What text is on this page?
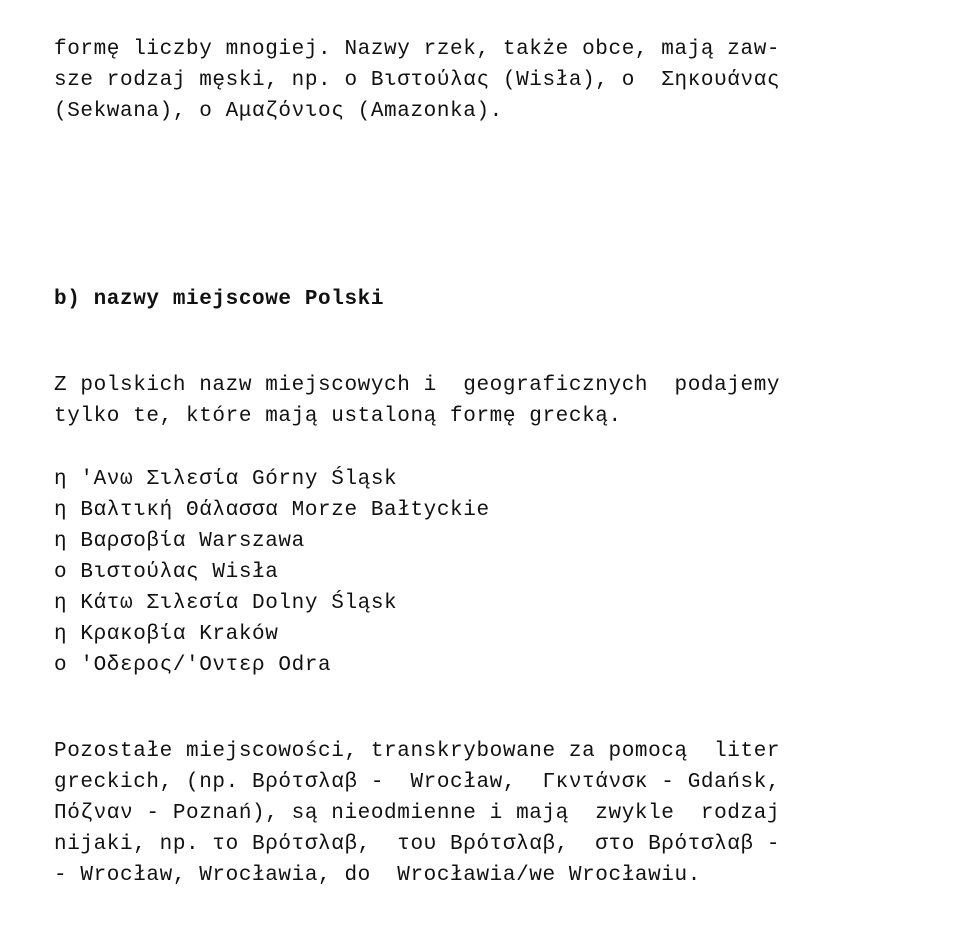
formę liczby mnogiej. Nazwy rzek, także obce, mają zaw-

sze rodzaj męski, np. ο Βιστούλας (Wisła), ο  Σηκουάνας

(Sekwana), ο Αμαζόνιος (Amazonka).

b) nazwy miejscowe Polski

Z polskich nazw miejscowych i  geograficznych  podajemy

tylko te, które mają ustaloną formę grecką.

η 'Ανω Σιλεσία Górny Śląsk
η Βαλτική Θάλασσα Morze Bałtyckie
η Βαρσοβία Warszawa
ο Βιστούλας Wisła
η Κάτω Σιλεσία Dolny Śląsk
η Κρακοβία Kraków
ο 'Οδερος/'Οντερ Odra

Pozostałe miejscowości, transkrybowane za pomocą  liter

greckich, (np. Βρότσλαβ -  Wrocław,  Γκντάνσκ - Gdańsk,

Πόζναν - Poznań), są nieodmienne i mają  zwykle  rodzaj

nijaki, np. το Βρότσλαβ,  του Βρότσλαβ,  στο Βρότσλαβ -

- Wrocław, Wrocławia, do  Wrocławia/we Wrocławiu.
